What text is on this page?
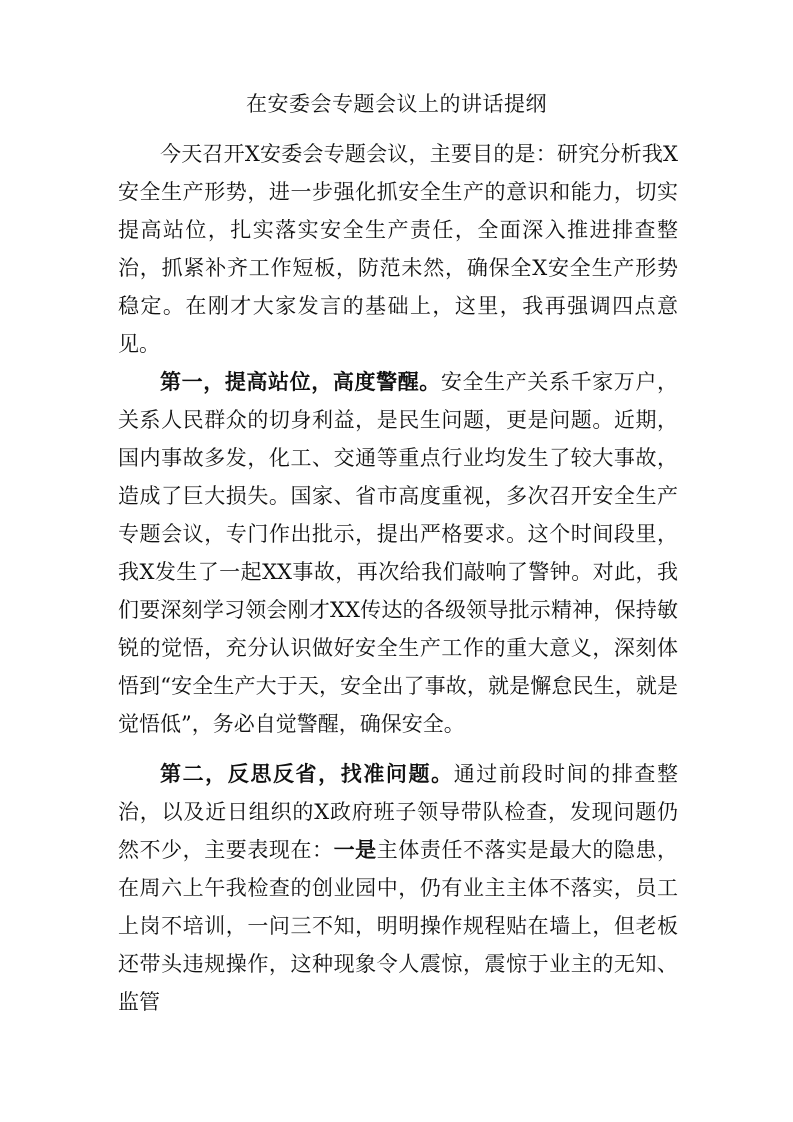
在安委会专题会议上的讲话提纲

今天召开X安委会专题会议，主要目的是：研究分析我X安全生产形势，进一步强化抓安全生产的意识和能力，切实提高站位，扎实落实安全生产责任，全面深入推进排查整治，抓紧补齐工作短板，防范未然，确保全X安全生产形势稳定。在刚才大家发言的基础上，这里，我再强调四点意见。

第一，提高站位，高度警醒。安全生产关系千家万户，关系人民群众的切身利益，是民生问题，更是问题。近期，国内事故多发，化工、交通等重点行业均发生了较大事故，造成了巨大损失。国家、省市高度重视，多次召开安全生产专题会议，专门作出批示，提出严格要求。这个时间段里，我X发生了一起XX事故，再次给我们敲响了警钟。对此，我们要深刻学习领会刚才XX传达的各级领导批示精神，保持敏锐的觉悟，充分认识做好安全生产工作的重大意义，深刻体悟到“安全生产大于天，安全出了事故，就是懈怠民生，就是觉悟低”，务必自觉警醒，确保安全。

第二，反思反省，找准问题。通过前段时间的排查整治，以及近日组织的X政府班子领导带队检查，发现问题仍然不少，主要表现在：一是主体责任不落实是最大的隐患，在周六上午我检查的创业园中，仍有业主主体不落实，员工上岗不培训，一问三不知，明明操作规程贴在墙上，但老板还带头违规操作，这种现象令人震惊，震惊于业主的无知、监管
